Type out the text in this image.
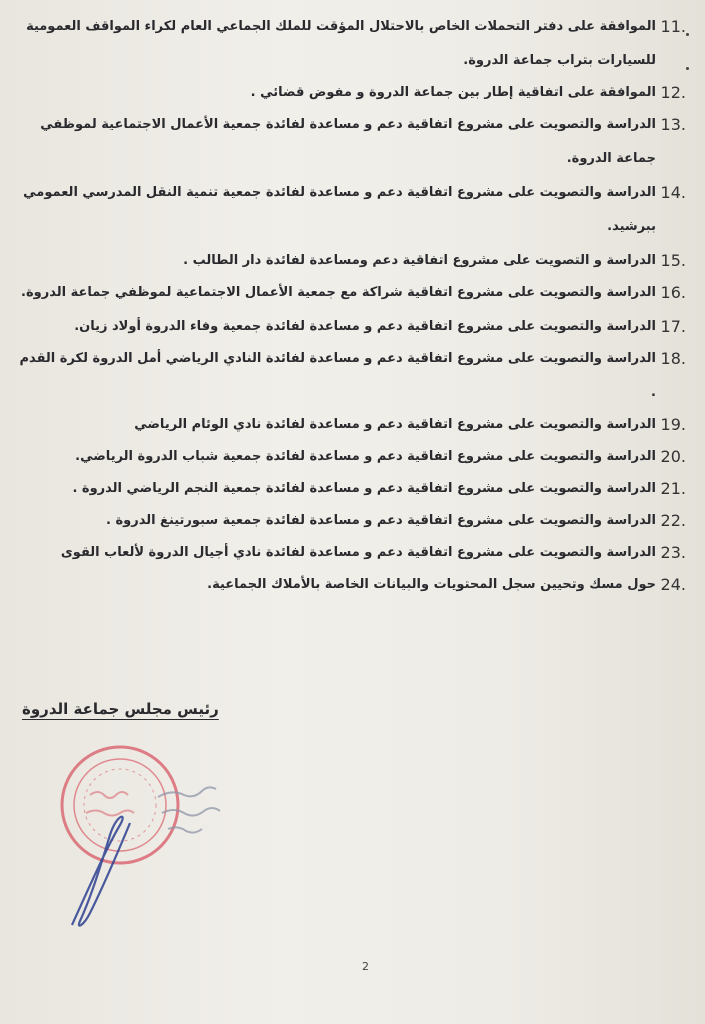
11.
الموافقة على دفتر التحملات الخاص بالاحتلال المؤقت للملك الجماعي العام لكراء المواقف العمومية للسيارات بتراب جماعة الدروة.
12.
الموافقة على اتفاقية إطار بين جماعة الدروة و مفوض قضائي .
13.
الدراسة والتصويت على مشروع اتفاقية دعم و مساعدة لفائدة جمعية الأعمال الاجتماعية لموظفي جماعة الدروة.
14.
الدراسة والتصويت على مشروع اتفاقية دعم و مساعدة لفائدة جمعية تنمية النقل المدرسي العمومي ببرشيد.
15.
الدراسة و التصويت على مشروع اتفاقية دعم ومساعدة لفائدة دار الطالب .
16.
الدراسة والتصويت على مشروع اتفاقية شراكة مع جمعية الأعمال الاجتماعية لموظفي جماعة الدروة.
17.
الدراسة والتصويت على مشروع اتفاقية دعم و مساعدة لفائدة جمعية وفاء الدروة أولاد زيان.
18.
الدراسة والتصويت على مشروع اتفاقية دعم و مساعدة لفائدة النادي الرياضي أمل الدروة لكرة القدم .
19.
الدراسة والتصويت على مشروع اتفاقية دعم و مساعدة لفائدة نادي الوئام الرياضي
20.
الدراسة والتصويت على مشروع اتفاقية دعم و مساعدة لفائدة جمعية شباب الدروة الرياضي.
21.
الدراسة والتصويت على مشروع اتفاقية دعم و مساعدة لفائدة جمعية النجم الرياضي الدروة .
22.
الدراسة والتصويت على مشروع اتفاقية دعم و مساعدة لفائدة جمعية سبورتينغ الدروة .
23.
الدراسة والتصويت على مشروع اتفاقية دعم و مساعدة لفائدة نادي أجيال الدروة لألعاب القوى
24.
حول مسك وتحيين سجل المحتويات والبيانات الخاصة بالأملاك الجماعية.
رئيس مجلس جماعة الدروة
2
